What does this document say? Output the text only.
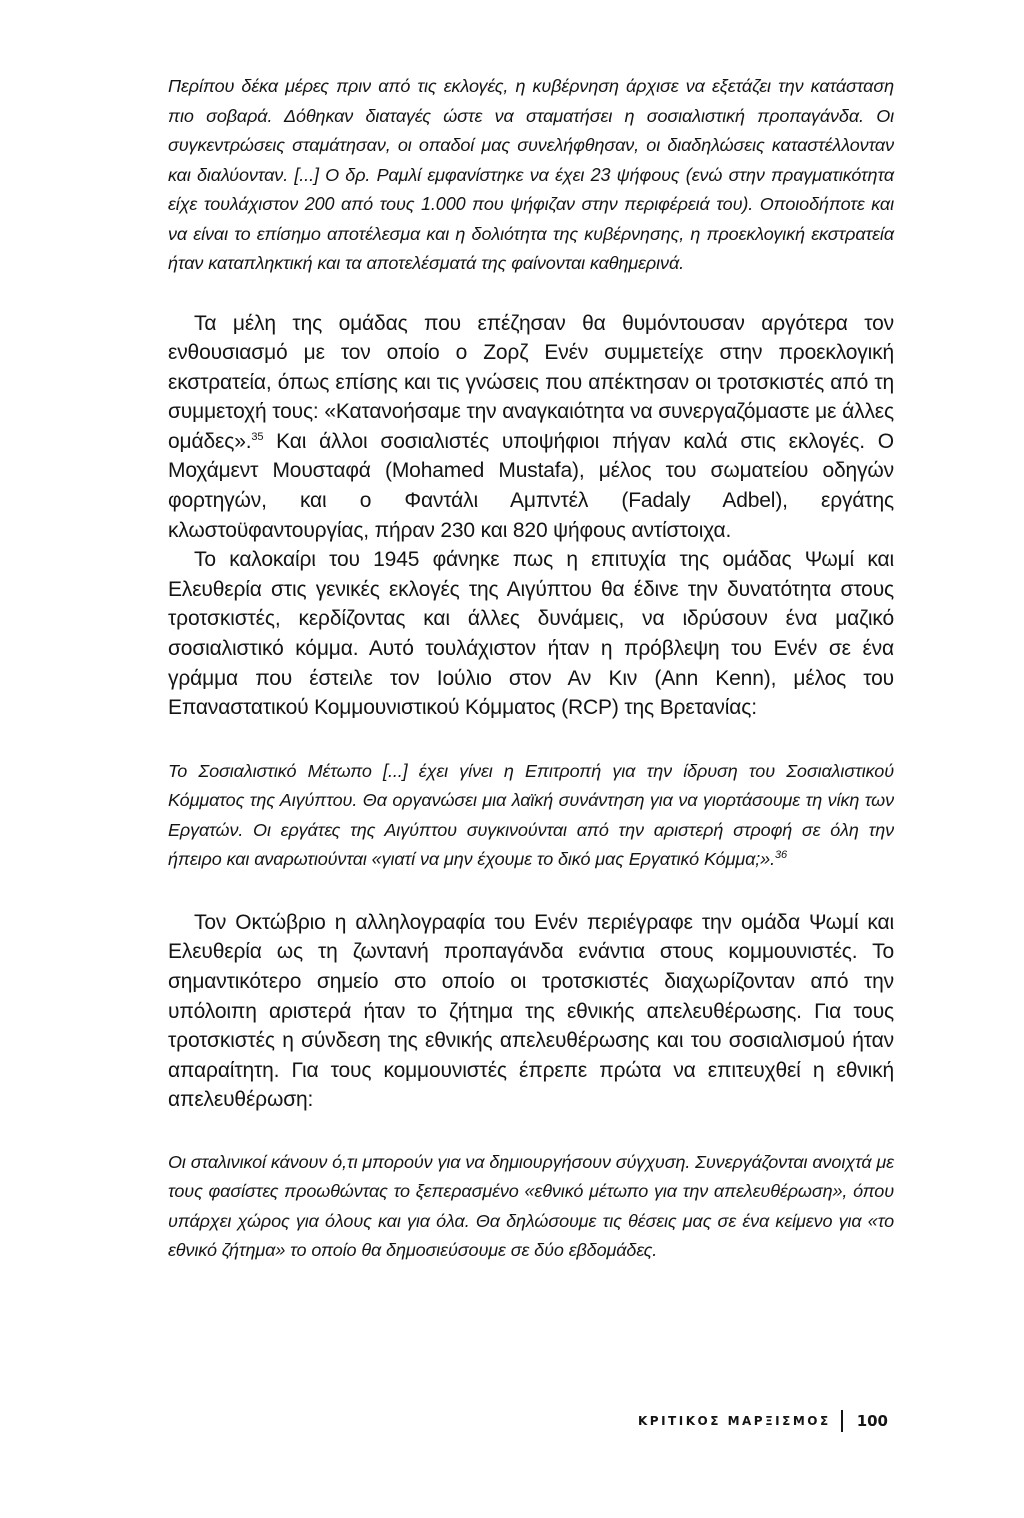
Περίπου δέκα μέρες πριν από τις εκλογές, η κυβέρνηση άρχισε να εξετάζει την κατάσταση πιο σοβαρά. Δόθηκαν διαταγές ώστε να σταματήσει η σοσιαλιστική προπαγάνδα. Οι συγκεντρώσεις σταμάτησαν, οι οπαδοί μας συνελήφθησαν, οι διαδηλώσεις καταστέλλονταν και διαλύονταν. [...] Ο δρ. Ραμλί εμφανίστηκε να έχει 23 ψήφους (ενώ στην πραγματικότητα είχε τουλάχιστον 200 από τους 1.000 που ψήφιζαν στην περιφέρειά του). Οποιοδήποτε και να είναι το επίσημο αποτέλεσμα και η δολιότητα της κυβέρνησης, η προεκλογική εκστρατεία ήταν καταπληκτική και τα αποτελέσματά της φαίνονται καθημερινά.

Τα μέλη της ομάδας που επέζησαν θα θυμόντουσαν αργότερα τον ενθουσιασμό με τον οποίο ο Ζορζ Ενέν συμμετείχε στην προεκλογική εκστρατεία, όπως επίσης και τις γνώσεις που απέκτησαν οι τροτσκιστές από τη συμμετοχή τους: «Κατανοήσαμε την αναγκαιότητα να συνεργαζόμαστε με άλλες ομάδες».$^{35}$ Και άλλοι σοσιαλιστές υποψήφιοι πήγαν καλά στις εκλογές. Ο Μοχάμεντ Μουσταφά (Mohamed Mustafa), μέλος του σωματείου οδηγών φορτηγών, και ο Φαντάλι Αμπντέλ (Fadaly Adbel), εργάτης κλωστοϋφαντουργίας, πήραν 230 και 820 ψήφους αντίστοιχα.

Το καλοκαίρι του 1945 φάνηκε πως η επιτυχία της ομάδας Ψωμί και Ελευθερία στις γενικές εκλογές της Αιγύπτου θα έδινε την δυνατότητα στους τροτσκιστές, κερδίζοντας και άλλες δυνάμεις, να ιδρύσουν ένα μαζικό σοσιαλιστικό κόμμα. Αυτό τουλάχιστον ήταν η πρόβλεψη του Ενέν σε ένα γράμμα που έστειλε τον Ιούλιο στον Αν Κιν (Ann Kenn), μέλος του Επαναστατικού Κομμουνιστικού Κόμματος (RCP) της Βρετανίας:

Το Σοσιαλιστικό Μέτωπο [...] έχει γίνει η Επιτροπή για την ίδρυση του Σοσιαλιστικού Κόμματος της Αιγύπτου. Θα οργανώσει μια λαϊκή συνάντηση για να γιορτάσουμε τη νίκη των Εργατών. Οι εργάτες της Αιγύπτου συγκινούνται από την αριστερή στροφή σε όλη την ήπειρο και αναρωτιούνται «γιατί να μην έχουμε το δικό μας Εργατικό Κόμμα;».$^{36}$

Τον Οκτώβριο η αλληλογραφία του Ενέν περιέγραφε την ομάδα Ψωμί και Ελευθερία ως τη ζωντανή προπαγάνδα ενάντια στους κομμουνιστές. Το σημαντικότερο σημείο στο οποίο οι τροτσκιστές διαχωρίζονταν από την υπόλοιπη αριστερά ήταν το ζήτημα της εθνικής απελευθέρωσης. Για τους τροτσκιστές η σύνδεση της εθνικής απελευθέρωσης και του σοσιαλισμού ήταν απαραίτητη. Για τους κομμουνιστές έπρεπε πρώτα να επιτευχθεί η εθνική απελευθέρωση:

Οι σταλινικοί κάνουν ό,τι μπορούν για να δημιουργήσουν σύγχυση. Συνεργάζονται ανοιχτά με τους φασίστες προωθώντας το ξεπερασμένο «εθνικό μέτωπο για την απελευθέρωση», όπου υπάρχει χώρος για όλους και για όλα. Θα δηλώσουμε τις θέσεις μας σε ένα κείμενο για «το εθνικό ζήτημα» το οποίο θα δημοσιεύσουμε σε δύο εβδομάδες.

ΚΡΙΤΙΚΟΣ ΜΑΡΞΙΣΜΟΣ 100
